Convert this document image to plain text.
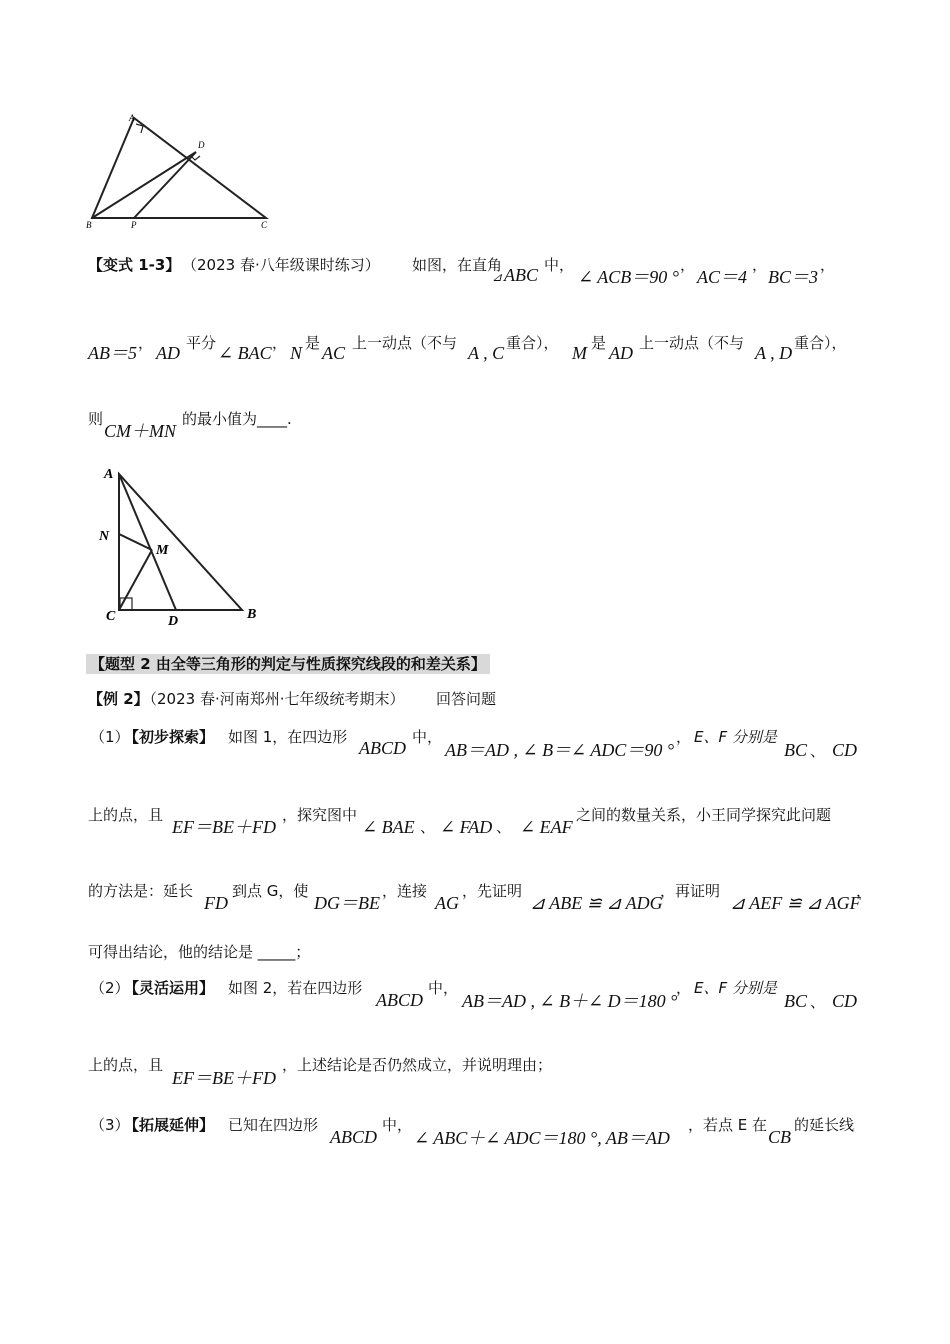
A
D
B	P	C
【变式 1-3】 （2023 春·八年级课时练习） 如图，在直角
⊿ ABC 中，
∠ ACB＝90 °
，
AC＝4
，
BC＝3
，
AB＝5 ， AD 平分 ∠ BAC ， N 是 AC 上一动点（不与 A , C 重合）， M 是 AD 上一动点（不与 A , D 重合），
则
CM＋MN
的最小值为____.
A
N
M
C	D	B
【题型 2 由全等三角形的判定与性质探究线段的和差关系】
【例 2】
（2023 春·河南郑州·七年级统考期末） 回答问题
（1）
【初步探索】 如图 1，在四边形
ABCD
中，
AB＝AD , ∠ B＝∠ ADC＝90 °
， E、F 分别是
BC 、 CD
上的点，且
EF＝BE＋FD
，探究图中
∠ BAE 、 ∠ FAD 、 ∠ EAF
之间的数量关系，小王同学探究此问题
的方法是：延长
FD
到点 G，使
DG＝BE
，连接
AG
，先证明
⊿ ABE ≌ ⊿ ADG
，再证明
⊿ AEF ≌ ⊿ AGF
，
可得出结论，他的结论是 _____；
（2）
【灵活运用】 如图 2，若在四边形
ABCD
中，
AB＝AD , ∠ B＋∠ D＝180 °
， E、F 分别是
BC 、 CD
上的点，且
EF＝BE＋FD
，上述结论是否仍然成立，并说明理由；
（3）
【拓展延伸】 已知在四边形
ABCD
中，
∠ ABC＋∠ ADC＝180 °, AB＝AD
，若点 E 在
CB
的延长线
